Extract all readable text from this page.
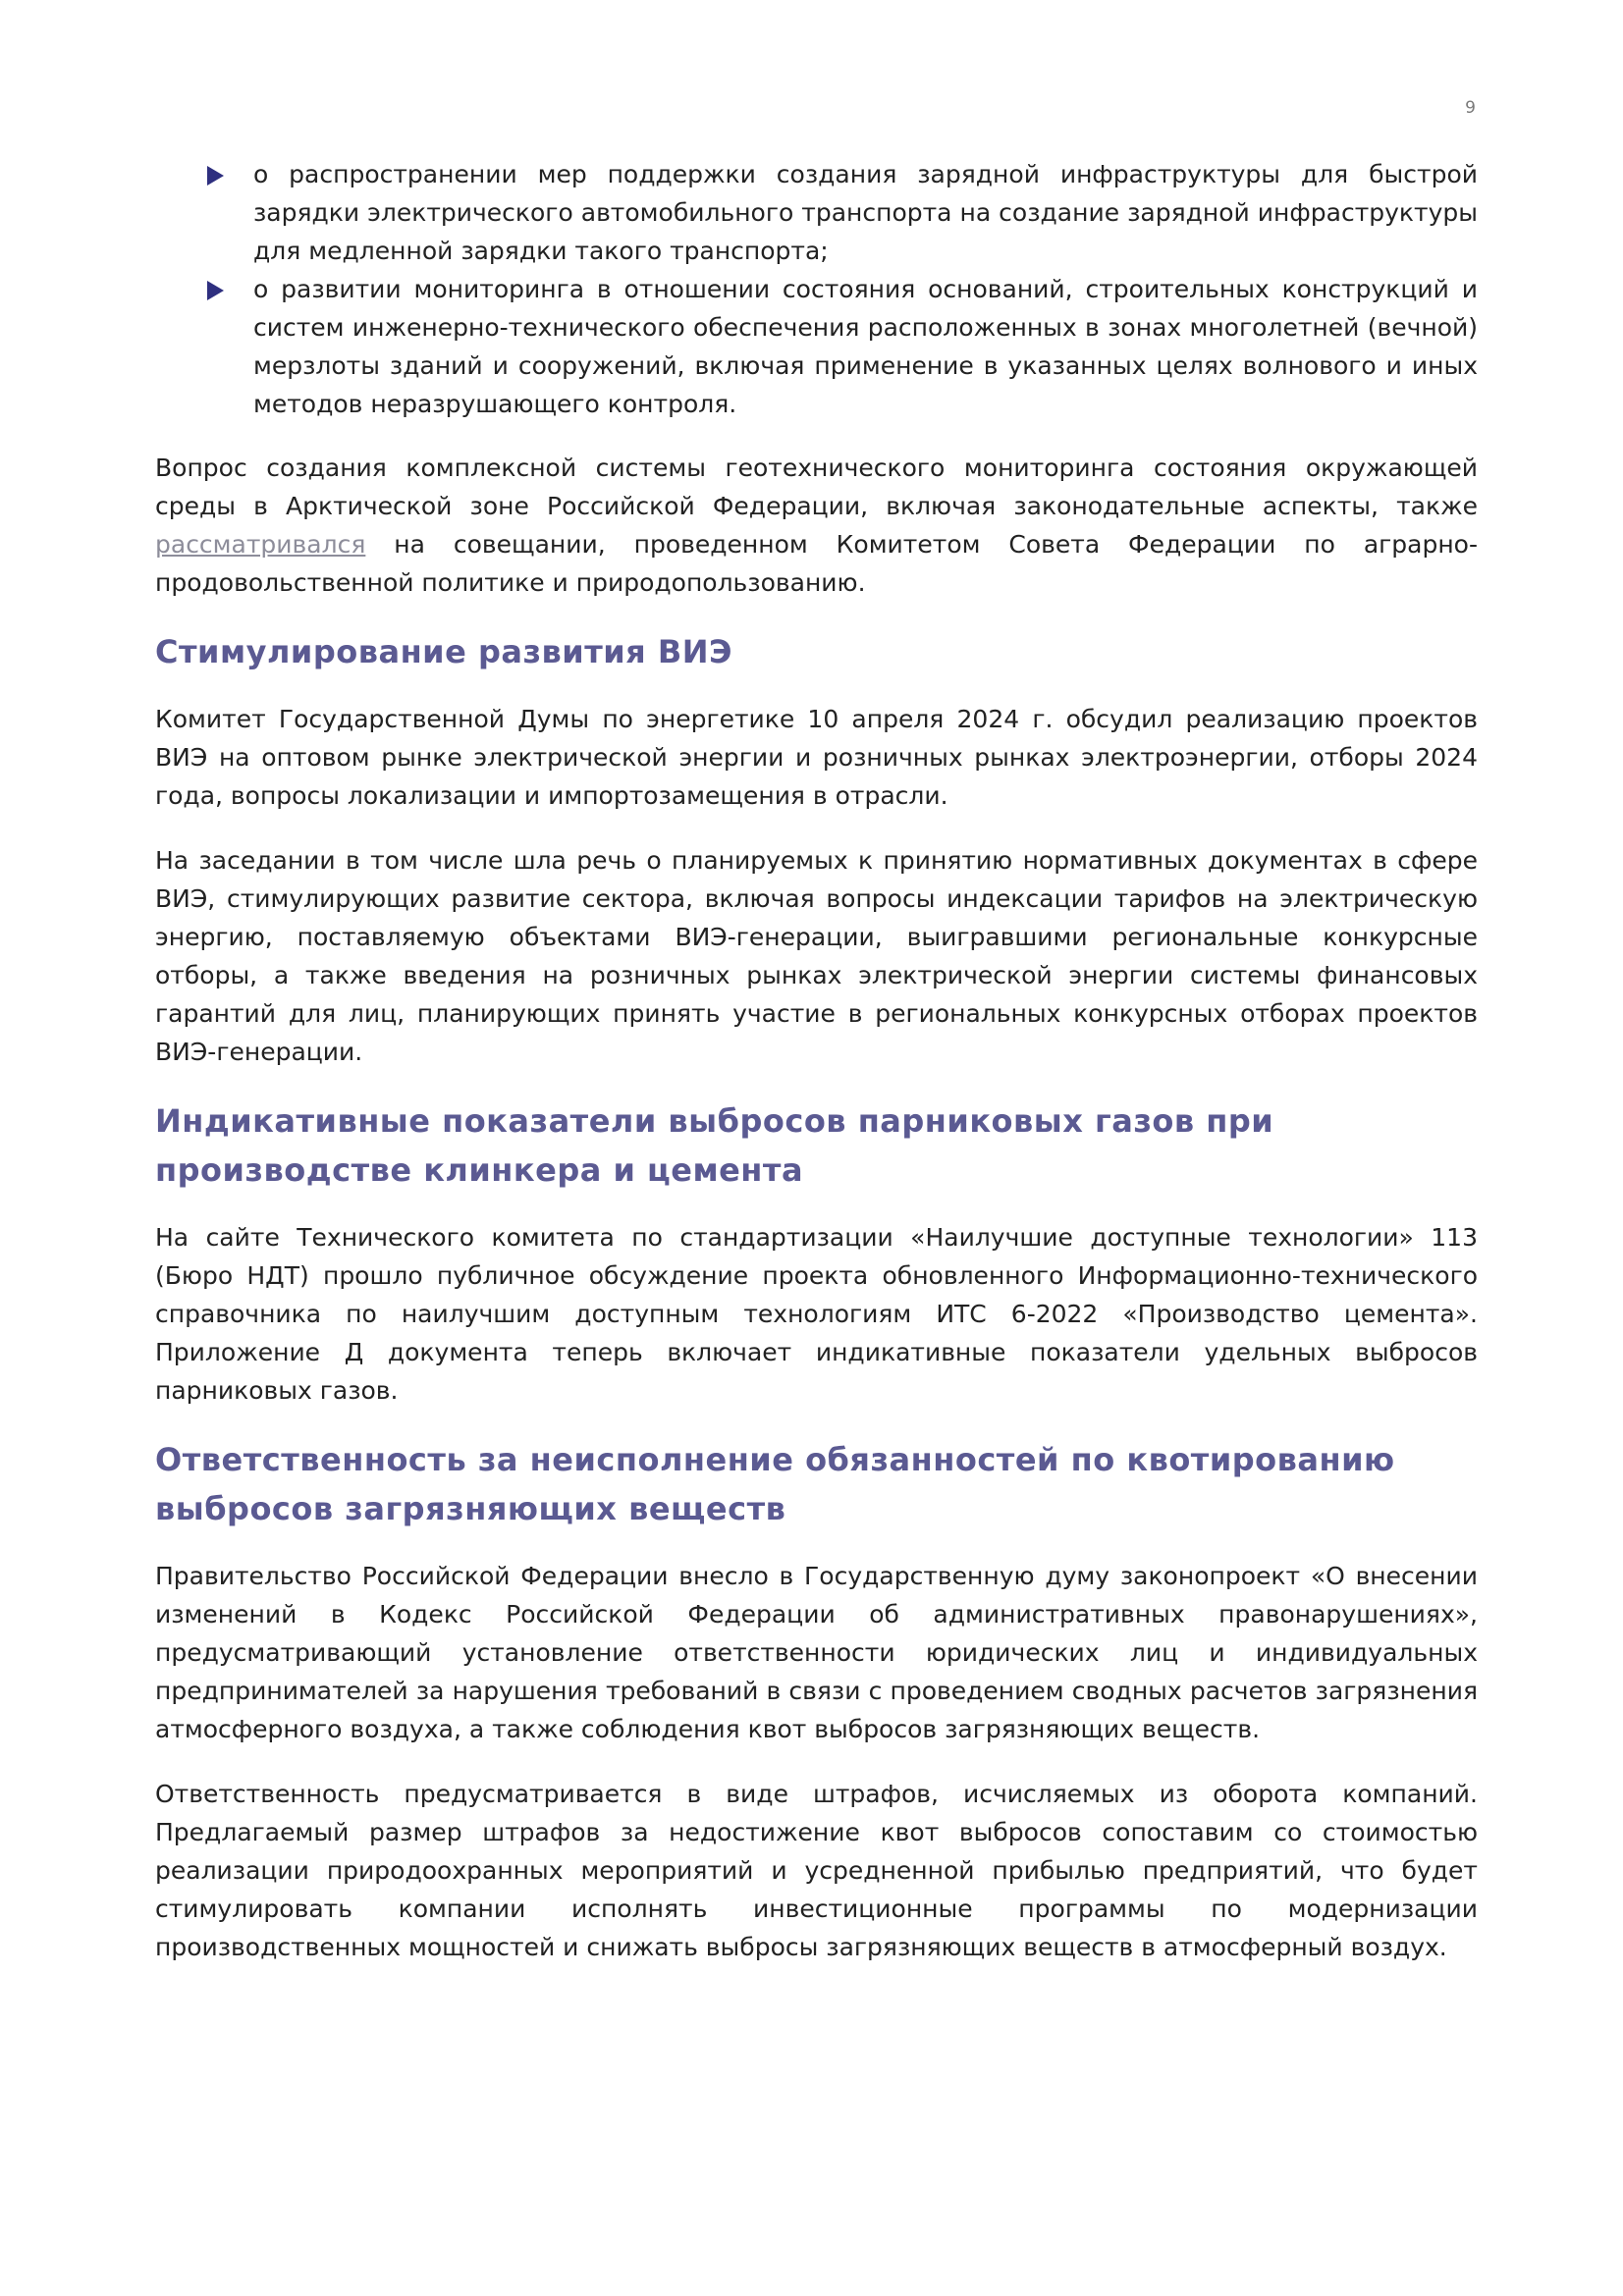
9
о распространении мер поддержки создания зарядной инфраструктуры для быстрой зарядки электрического автомобильного транспорта на создание зарядной инфраструктуры для медленной зарядки такого транспорта;
о развитии мониторинга в отношении состояния оснований, строительных конструкций и систем инженерно-технического обеспечения расположенных в зонах многолетней (вечной) мерзлоты зданий и сооружений, включая применение в указанных целях волнового и иных методов неразрушающего контроля.

Вопрос создания комплексной системы геотехнического мониторинга состояния окружающей среды в Арктической зоне Российской Федерации, включая законодательные аспекты, также рассматривался на совещании, проведенном Комитетом Совета Федерации по аграрно-продовольственной политике и природопользованию.

Стимулирование развития ВИЭ

Комитет Государственной Думы по энергетике 10 апреля 2024 г. обсудил реализацию проектов ВИЭ на оптовом рынке электрической энергии и розничных рынках электроэнергии, отборы 2024 года, вопросы локализации и импортозамещения в отрасли.

На заседании в том числе шла речь о планируемых к принятию нормативных документах в сфере ВИЭ, стимулирующих развитие сектора, включая вопросы индексации тарифов на электрическую энергию, поставляемую объектами ВИЭ-генерации, выигравшими региональные конкурсные отборы, а также введения на розничных рынках электрической энергии системы финансовых гарантий для лиц, планирующих принять участие в региональных конкурсных отборах проектов ВИЭ-генерации.

Индикативные показатели выбросов парниковых газов при производстве клинкера и цемента

На сайте Технического комитета по стандартизации «Наилучшие доступные технологии» 113 (Бюро НДТ) прошло публичное обсуждение проекта обновленного Информационно-технического справочника по наилучшим доступным технологиям ИТС 6-2022 «Производство цемента». Приложение Д документа теперь включает индикативные показатели удельных выбросов парниковых газов.

Ответственность за неисполнение обязанностей по квотированию выбросов загрязняющих веществ

Правительство Российской Федерации внесло в Государственную думу законопроект «О внесении изменений в Кодекс Российской Федерации об административных правонарушениях», предусматривающий установление ответственности юридических лиц и индивидуальных предпринимателей за нарушения требований в связи с проведением сводных расчетов загрязнения атмосферного воздуха, а также соблюдения квот выбросов загрязняющих веществ.

Ответственность предусматривается в виде штрафов, исчисляемых из оборота компаний. Предлагаемый размер штрафов за недостижение квот выбросов сопоставим со стоимостью реализации природоохранных мероприятий и усредненной прибылью предприятий, что будет стимулировать компании исполнять инвестиционные программы по модернизации производственных мощностей и снижать выбросы загрязняющих веществ в атмосферный воздух.
